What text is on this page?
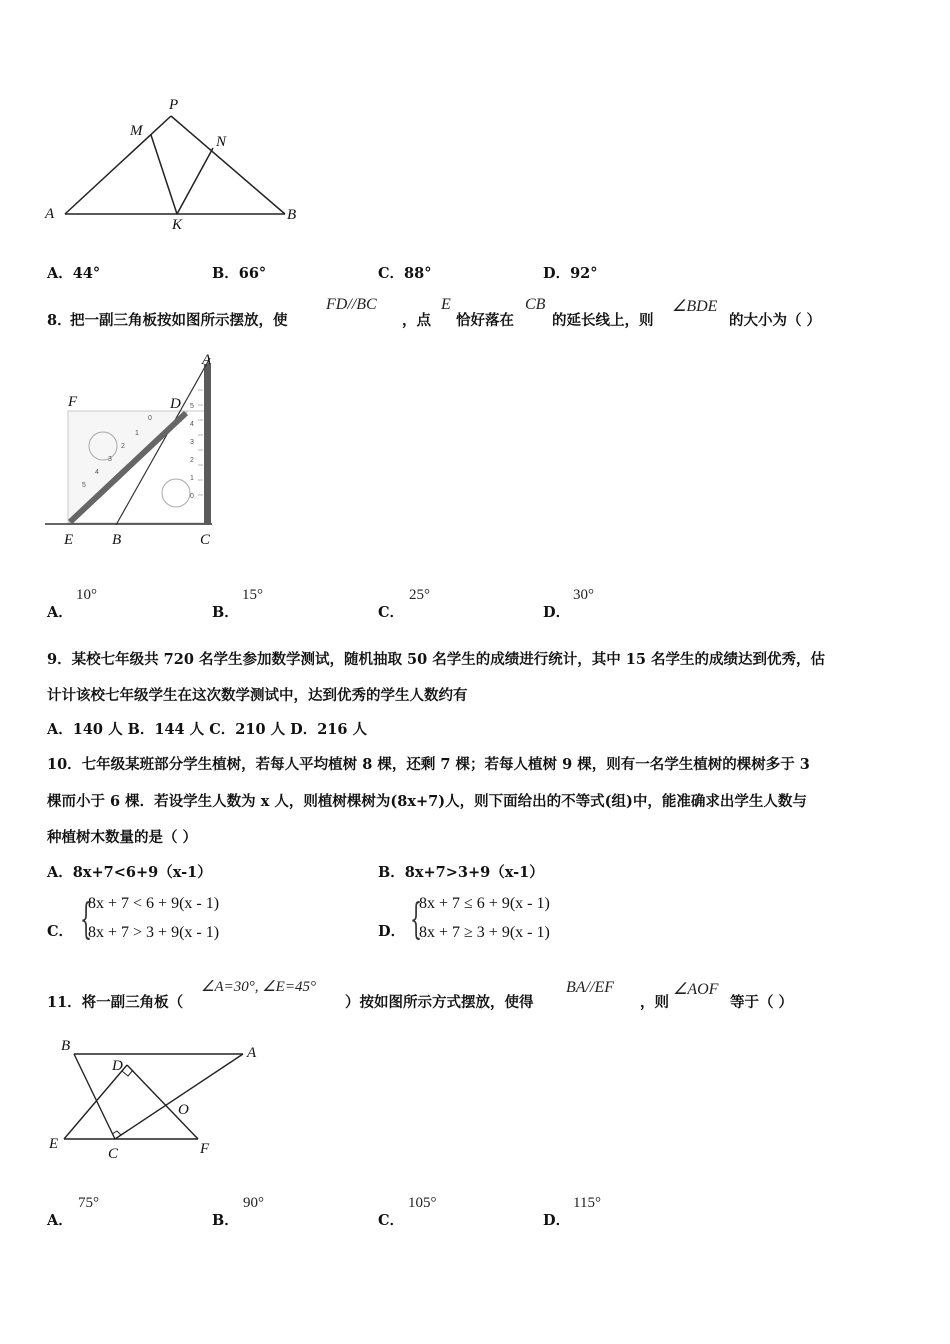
P
M
N
A
K
B
A．44°	B．66°	C．88°	D．92°
8．
把一副三角板按如图所示摆放，使
FD//BC
，点
E
恰好落在
CB
的延长线上，则
∠BDE
的大小为（ ）
0
1
2
3
4
5
5
4
3
2
1
0
F	D
A
E	B	C
A．
10°
B．
15°
C．
25°
D．
30°
9．某校七年级共 720 名学生参加数学测试，随机抽取 50 名学生的成绩进行统计，其中 15 名学生的成绩达到优秀，估
计计该校七年级学生在这次数学测试中，达到优秀的学生人数约有
A．140 人 B．144 人 C．210 人 D．216 人
10．七年级某班部分学生植树，若每人平均植树 8 棵，还剩 7 棵；若每人植树 9 棵，则有一名学生植树的棵树多于 3
棵而小于 6 棵．若设学生人数为 x 人，则植树棵树为(8x+7)人，则下面给出的不等式(组)中，能准确求出学生人数与
种植树木数量的是（ ）
A．8x+7<6+9（x-1）	B．8x+7>3+9（x-1）
C． {
8x + 7 < 6 + 9(x - 1)
8x + 7 > 3 + 9(x - 1)	D． {
8x + 7 ≤ 6 + 9(x - 1)
8x + 7 ≥ 3 + 9(x - 1)
11．将一副三角板（
∠A=30°, ∠E=45°
）按如图所示方式摆放，使得
BA//EF
，则
∠AOF
等于（ ）
B	A
D
O
E
C	F
A．
75°
B．
90°
C．
105°
D．
115°
